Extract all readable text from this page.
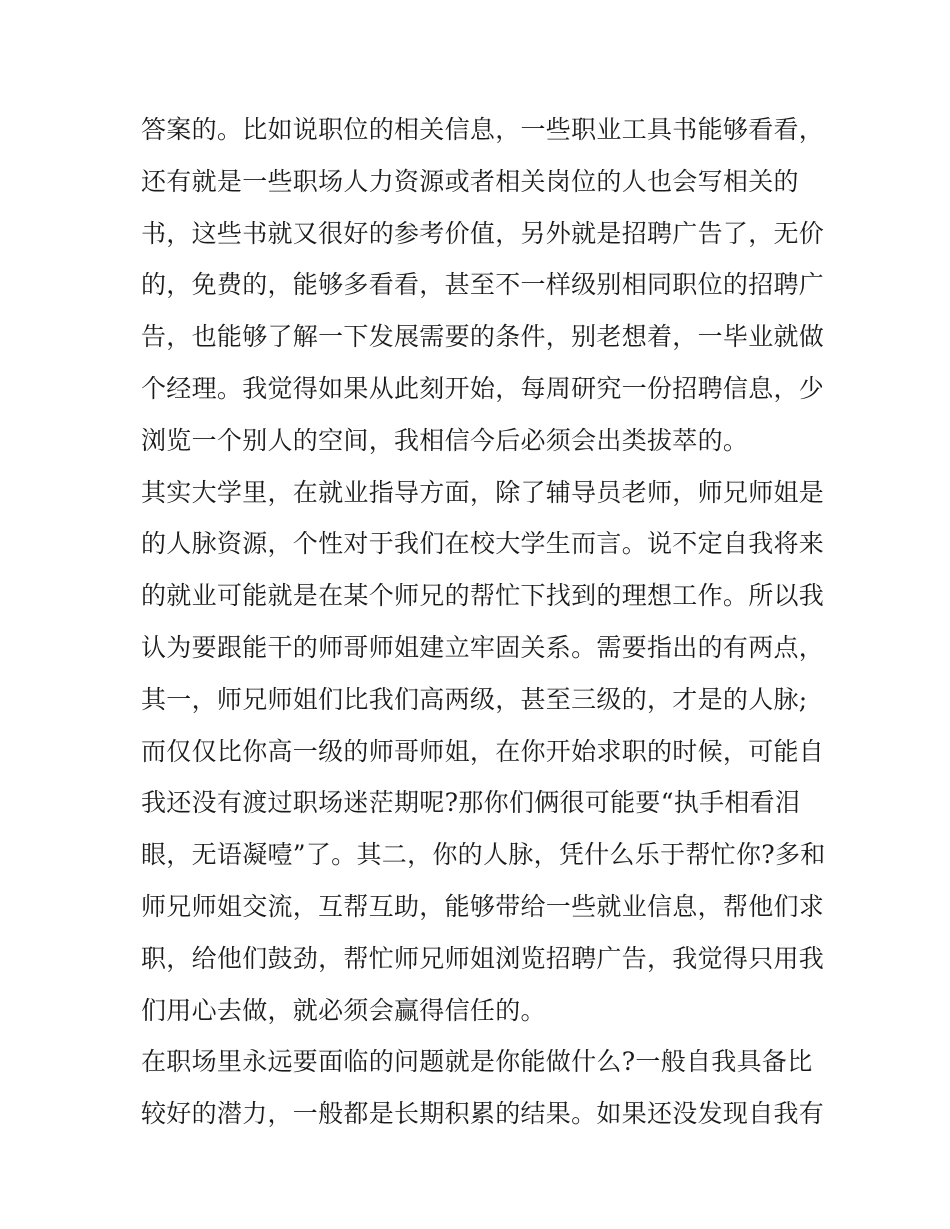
答案的。比如说职位的相关信息，一些职业工具书能够看看，
还有就是一些职场人力资源或者相关岗位的人也会写相关的
书，这些书就又很好的参考价值，另外就是招聘广告了，无价
的，免费的，能够多看看，甚至不一样级别相同职位的招聘广
告，也能够了解一下发展需要的条件，别老想着，一毕业就做
个经理。我觉得如果从此刻开始，每周研究一份招聘信息，少
浏览一个别人的空间，我相信今后必须会出类拔萃的。
其实大学里，在就业指导方面，除了辅导员老师，师兄师姐是
的人脉资源，个性对于我们在校大学生而言。说不定自我将来
的就业可能就是在某个师兄的帮忙下找到的理想工作。所以我
认为要跟能干的师哥师姐建立牢固关系。需要指出的有两点，
其一，师兄师姐们比我们高两级，甚至三级的，才是的人脉;
而仅仅比你高一级的师哥师姐，在你开始求职的时候，可能自
我还没有渡过职场迷茫期呢?那你们俩很可能要“执手相看泪
眼，无语凝噎”了。其二，你的人脉，凭什么乐于帮忙你?多和
师兄师姐交流，互帮互助，能够带给一些就业信息，帮他们求
职，给他们鼓劲，帮忙师兄师姐浏览招聘广告，我觉得只用我
们用心去做，就必须会赢得信任的。
在职场里永远要面临的问题就是你能做什么?一般自我具备比
较好的潜力，一般都是长期积累的结果。如果还没发现自我有
